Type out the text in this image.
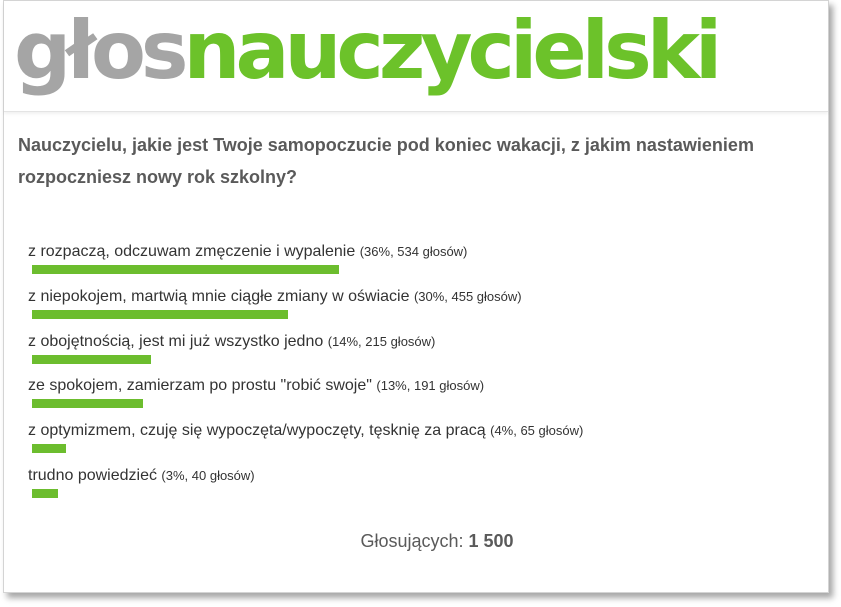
głosnauczycielski
Nauczycielu, jakie jest Twoje samopoczucie pod koniec wakacji, z jakim nastawieniem rozpoczniesz nowy rok szkolny?
z rozpaczą, odczuwam zmęczenie i wypalenie (36%, 534 głosów)
z niepokojem, martwią mnie ciągłe zmiany w oświacie (30%, 455 głosów)
z obojętnością, jest mi już wszystko jedno (14%, 215 głosów)
ze spokojem, zamierzam po prostu "robić swoje" (13%, 191 głosów)
z optymizmem, czuję się wypoczęta/wypoczęty, tęsknię za pracą (4%, 65 głosów)
trudno powiedzieć (3%, 40 głosów)
Głosujących: 1 500
